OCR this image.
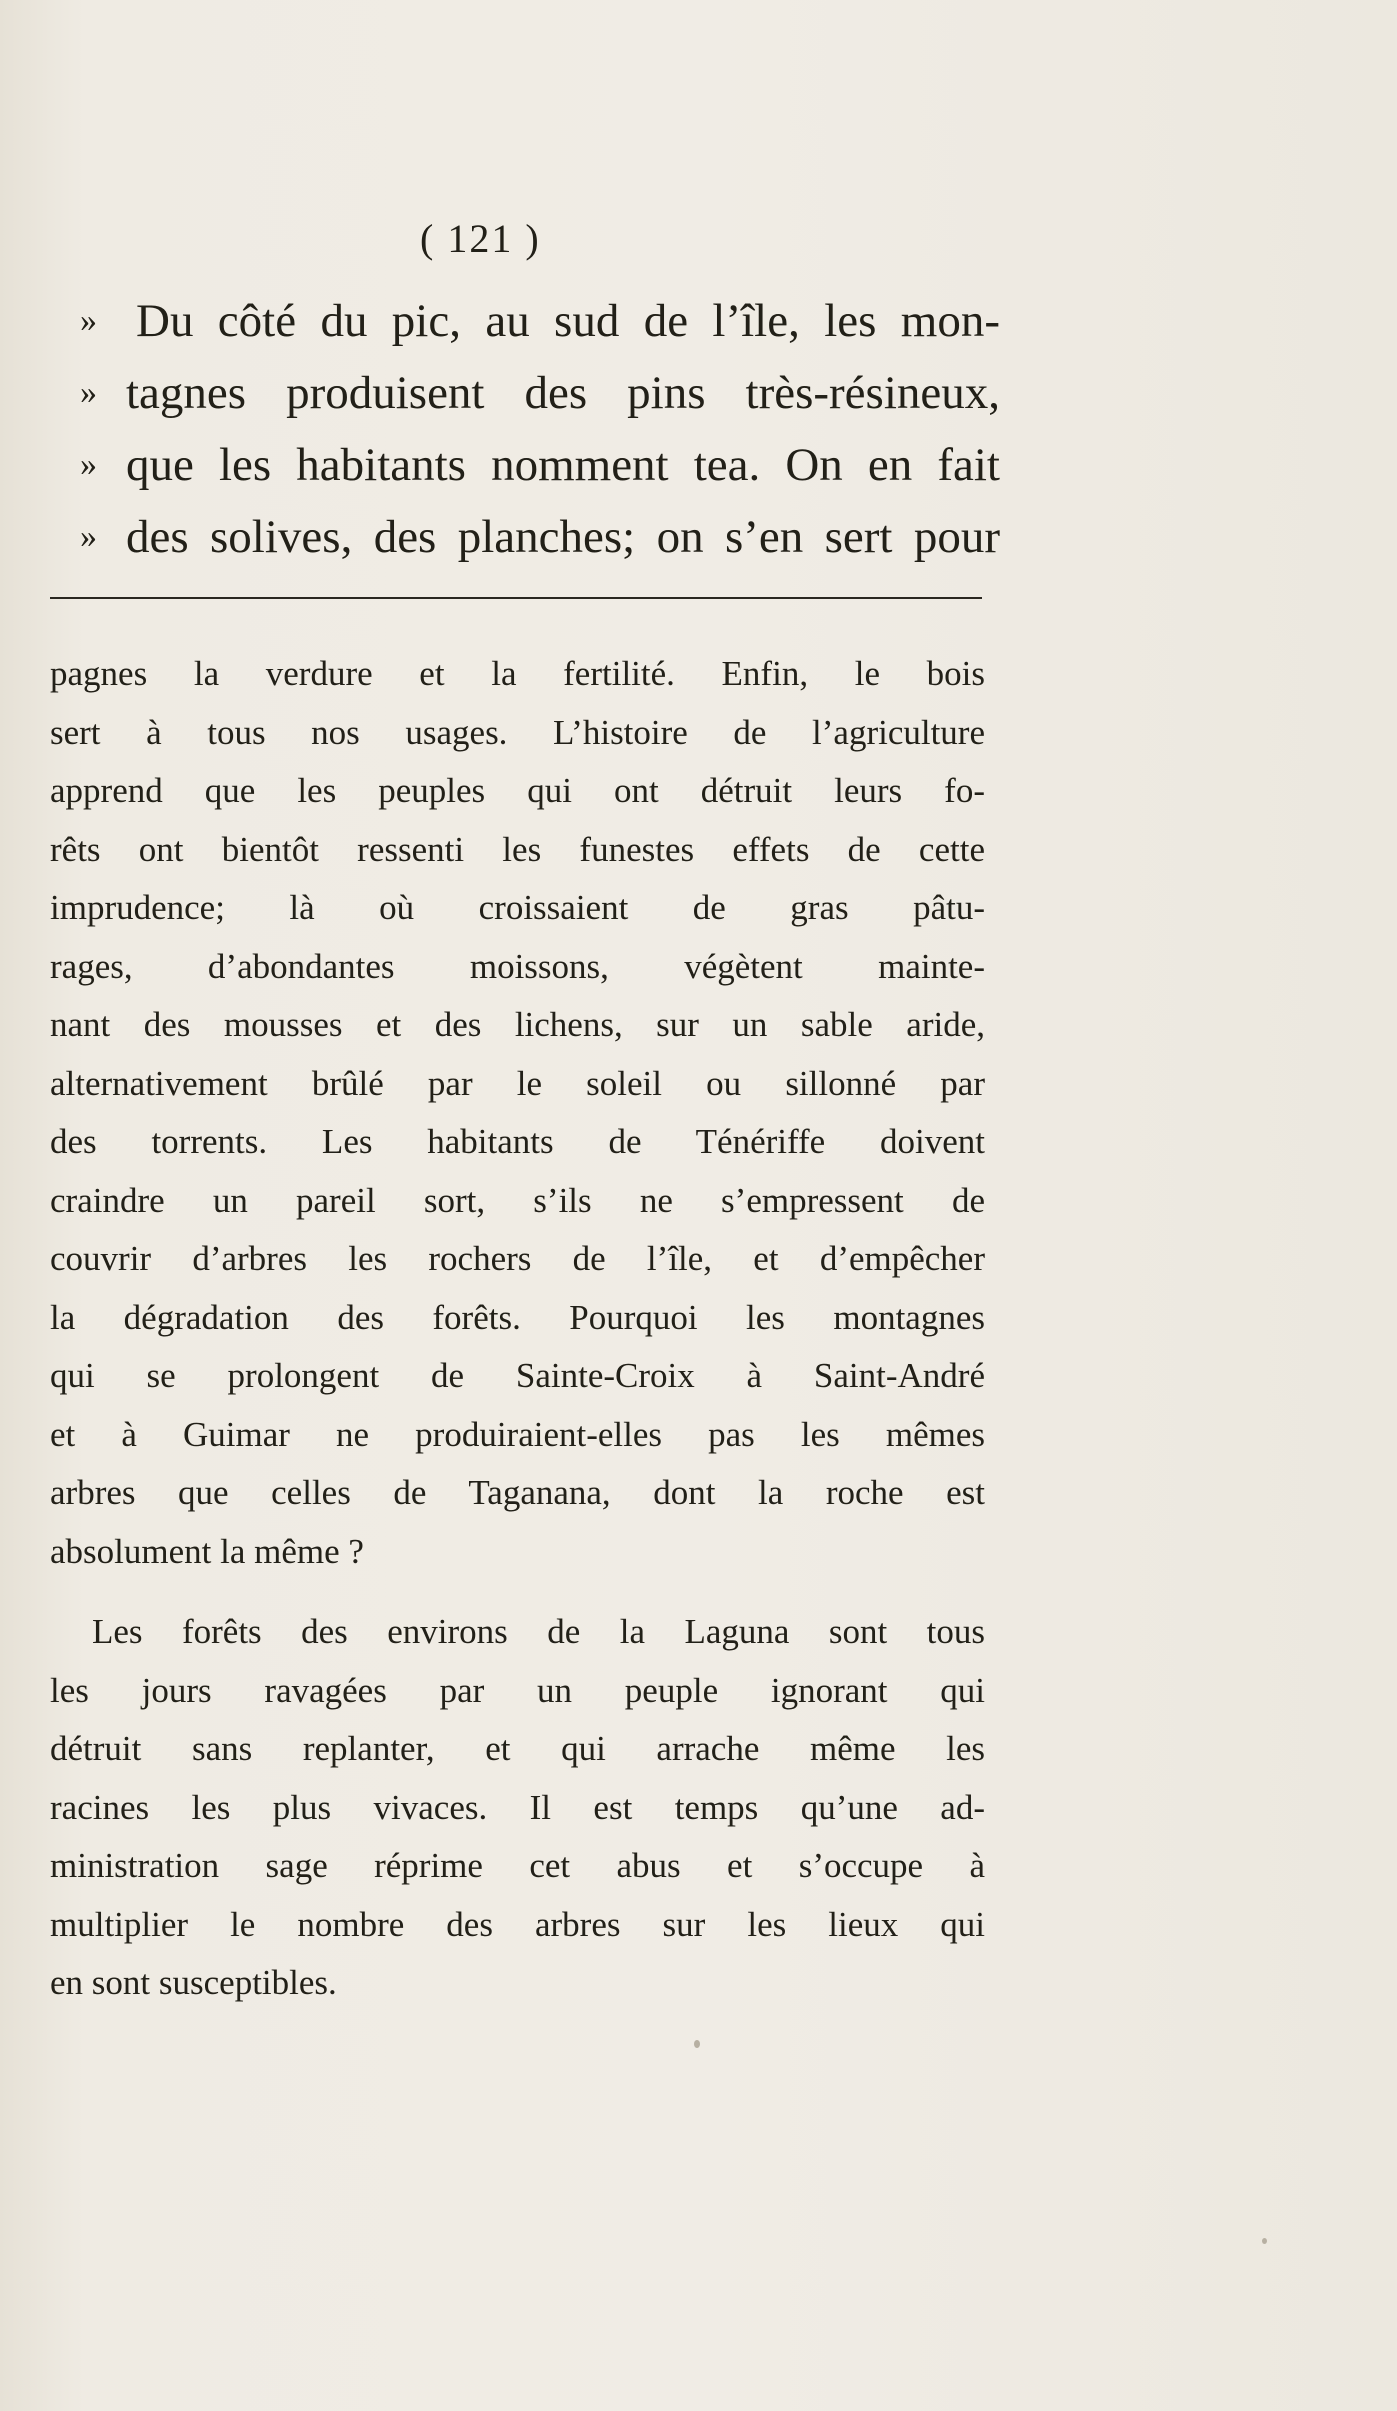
( 121 )
» Du côté du pic, au sud de l’île, les mon-
» tagnes produisent des pins très-résineux,
» que les habitants nomment tea. On en fait
» des solives, des planches; on s’en sert pour
pagnes la verdure et la fertilité. Enfin, le bois
sert à tous nos usages. L’histoire de l’agriculture
apprend que les peuples qui ont détruit leurs fo-
rêts ont bientôt ressenti les funestes effets de cette
imprudence; là où croissaient de gras pâtu-
rages, d’abondantes moissons, végètent mainte-
nant des mousses et des lichens, sur un sable aride,
alternativement brûlé par le soleil ou sillonné par
des torrents. Les habitants de Ténériffe doivent
craindre un pareil sort, s’ils ne s’empressent de
couvrir d’arbres les rochers de l’île, et d’empêcher
la dégradation des forêts. Pourquoi les montagnes
qui se prolongent de Sainte-Croix à Saint-André
et à Guimar ne produiraient-elles pas les mêmes
arbres que celles de Taganana, dont la roche est
absolument la même ?
Les forêts des environs de la Laguna sont tous
les jours ravagées par un peuple ignorant qui
détruit sans replanter, et qui arrache même les
racines les plus vivaces. Il est temps qu’une ad-
ministration sage réprime cet abus et s’occupe à
multiplier le nombre des arbres sur les lieux qui
en sont susceptibles.
